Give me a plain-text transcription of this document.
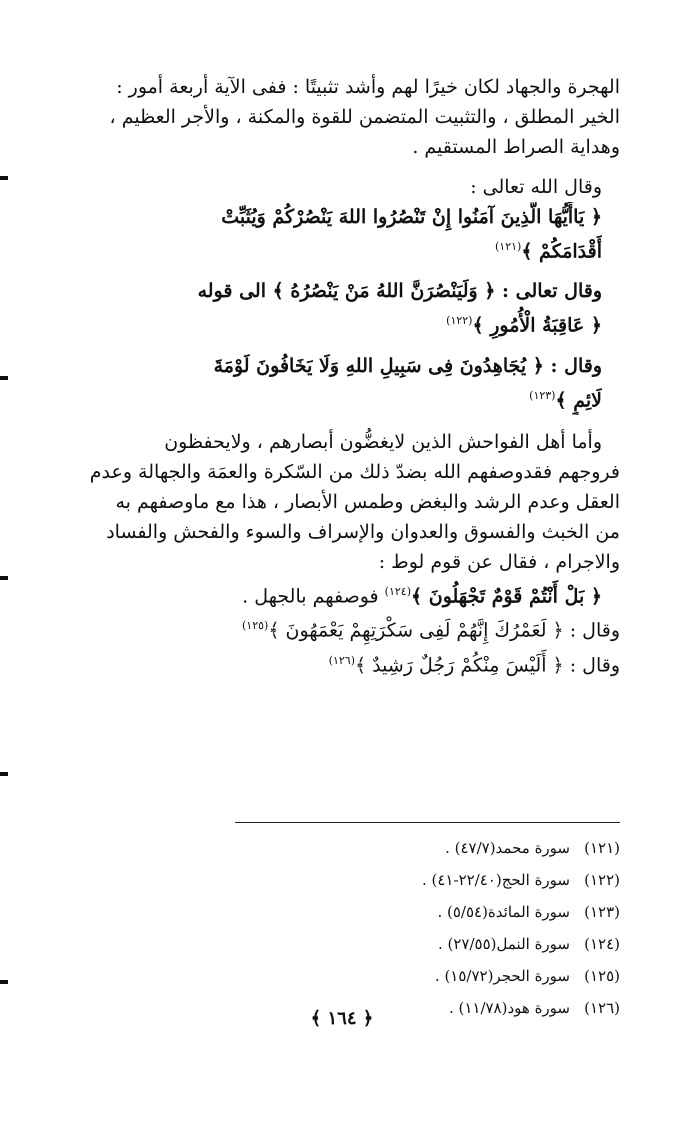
الهجرة والجهاد لكان خيرًا لهم وأشد تثبيتًا : ففى الآية أربعة أمور :
الخير المطلق ، والتثبيت المتضمن للقوة والمكنة ، والأجر العظيم ،
وهداية الصراط المستقيم .
وقال الله تعالى :
﴿ يَاأَيُّهَا الَّذِينَ آمَنُوا إِنْ تَنْصُرُوا اللهَ يَنْصُرْكُمْ وَيُثَبِّتْ
أَقْدَامَكُمْ ﴾$^{(١٢١)}$
وقال تعالى : ﴿ وَلَيَنْصُرَنَّ اللهُ مَنْ يَنْصُرُهُ ﴾ الى قوله
﴿ عَاقِبَةُ الْأُمُورِ ﴾$^{(١٢٢)}$
وقال : ﴿ يُجَاهِدُونَ فِى سَبِيلِ اللهِ وَلَا يَخَافُونَ لَوْمَةَ
لَائِمٍ ﴾$^{(١٢٣)}$
وأما أهل الفواحش الذين لايغضُّون أبصارهم ، ولايحفظون
فروجهم فقدوصفهم الله بضدّ ذلك من السّكرة والعمَة والجهالة وعدم
العقل وعدم الرشد والبغض وطمس الأبصار ، هذا مع ماوصفهم به
من الخبث والفسوق والعدوان والإسراف والسوء والفحش والفساد
والاجرام ، فقال عن قوم لوط :
﴿ بَلْ أَنْتُمْ قَوْمٌ تَجْهَلُونَ ﴾$^{(١٢٤)}$ فوصفهم بالجهل .
وقال : ﴿ لَعَمْرُكَ إِنَّهُمْ لَفِى سَكْرَتِهِمْ يَعْمَهُونَ ﴾$^{(١٢٥)}$
وقال : ﴿ أَلَيْسَ مِنْكُمْ رَجُلٌ رَشِيدٌ ﴾$^{(١٢٦)}$
(١٢١)سورة محمد(٤٧/٧) .
(١٢٢)سورة الحج(٢٢/٤٠-٤١) .
(١٢٣)سورة المائدة(٥/٥٤) .
(١٢٤)سورة النمل(٢٧/٥٥) .
(١٢٥)سورة الحجر(١٥/٧٢) .
(١٢٦)سورة هود(١١/٧٨) .
﴿ ١٦٤ ﴾
